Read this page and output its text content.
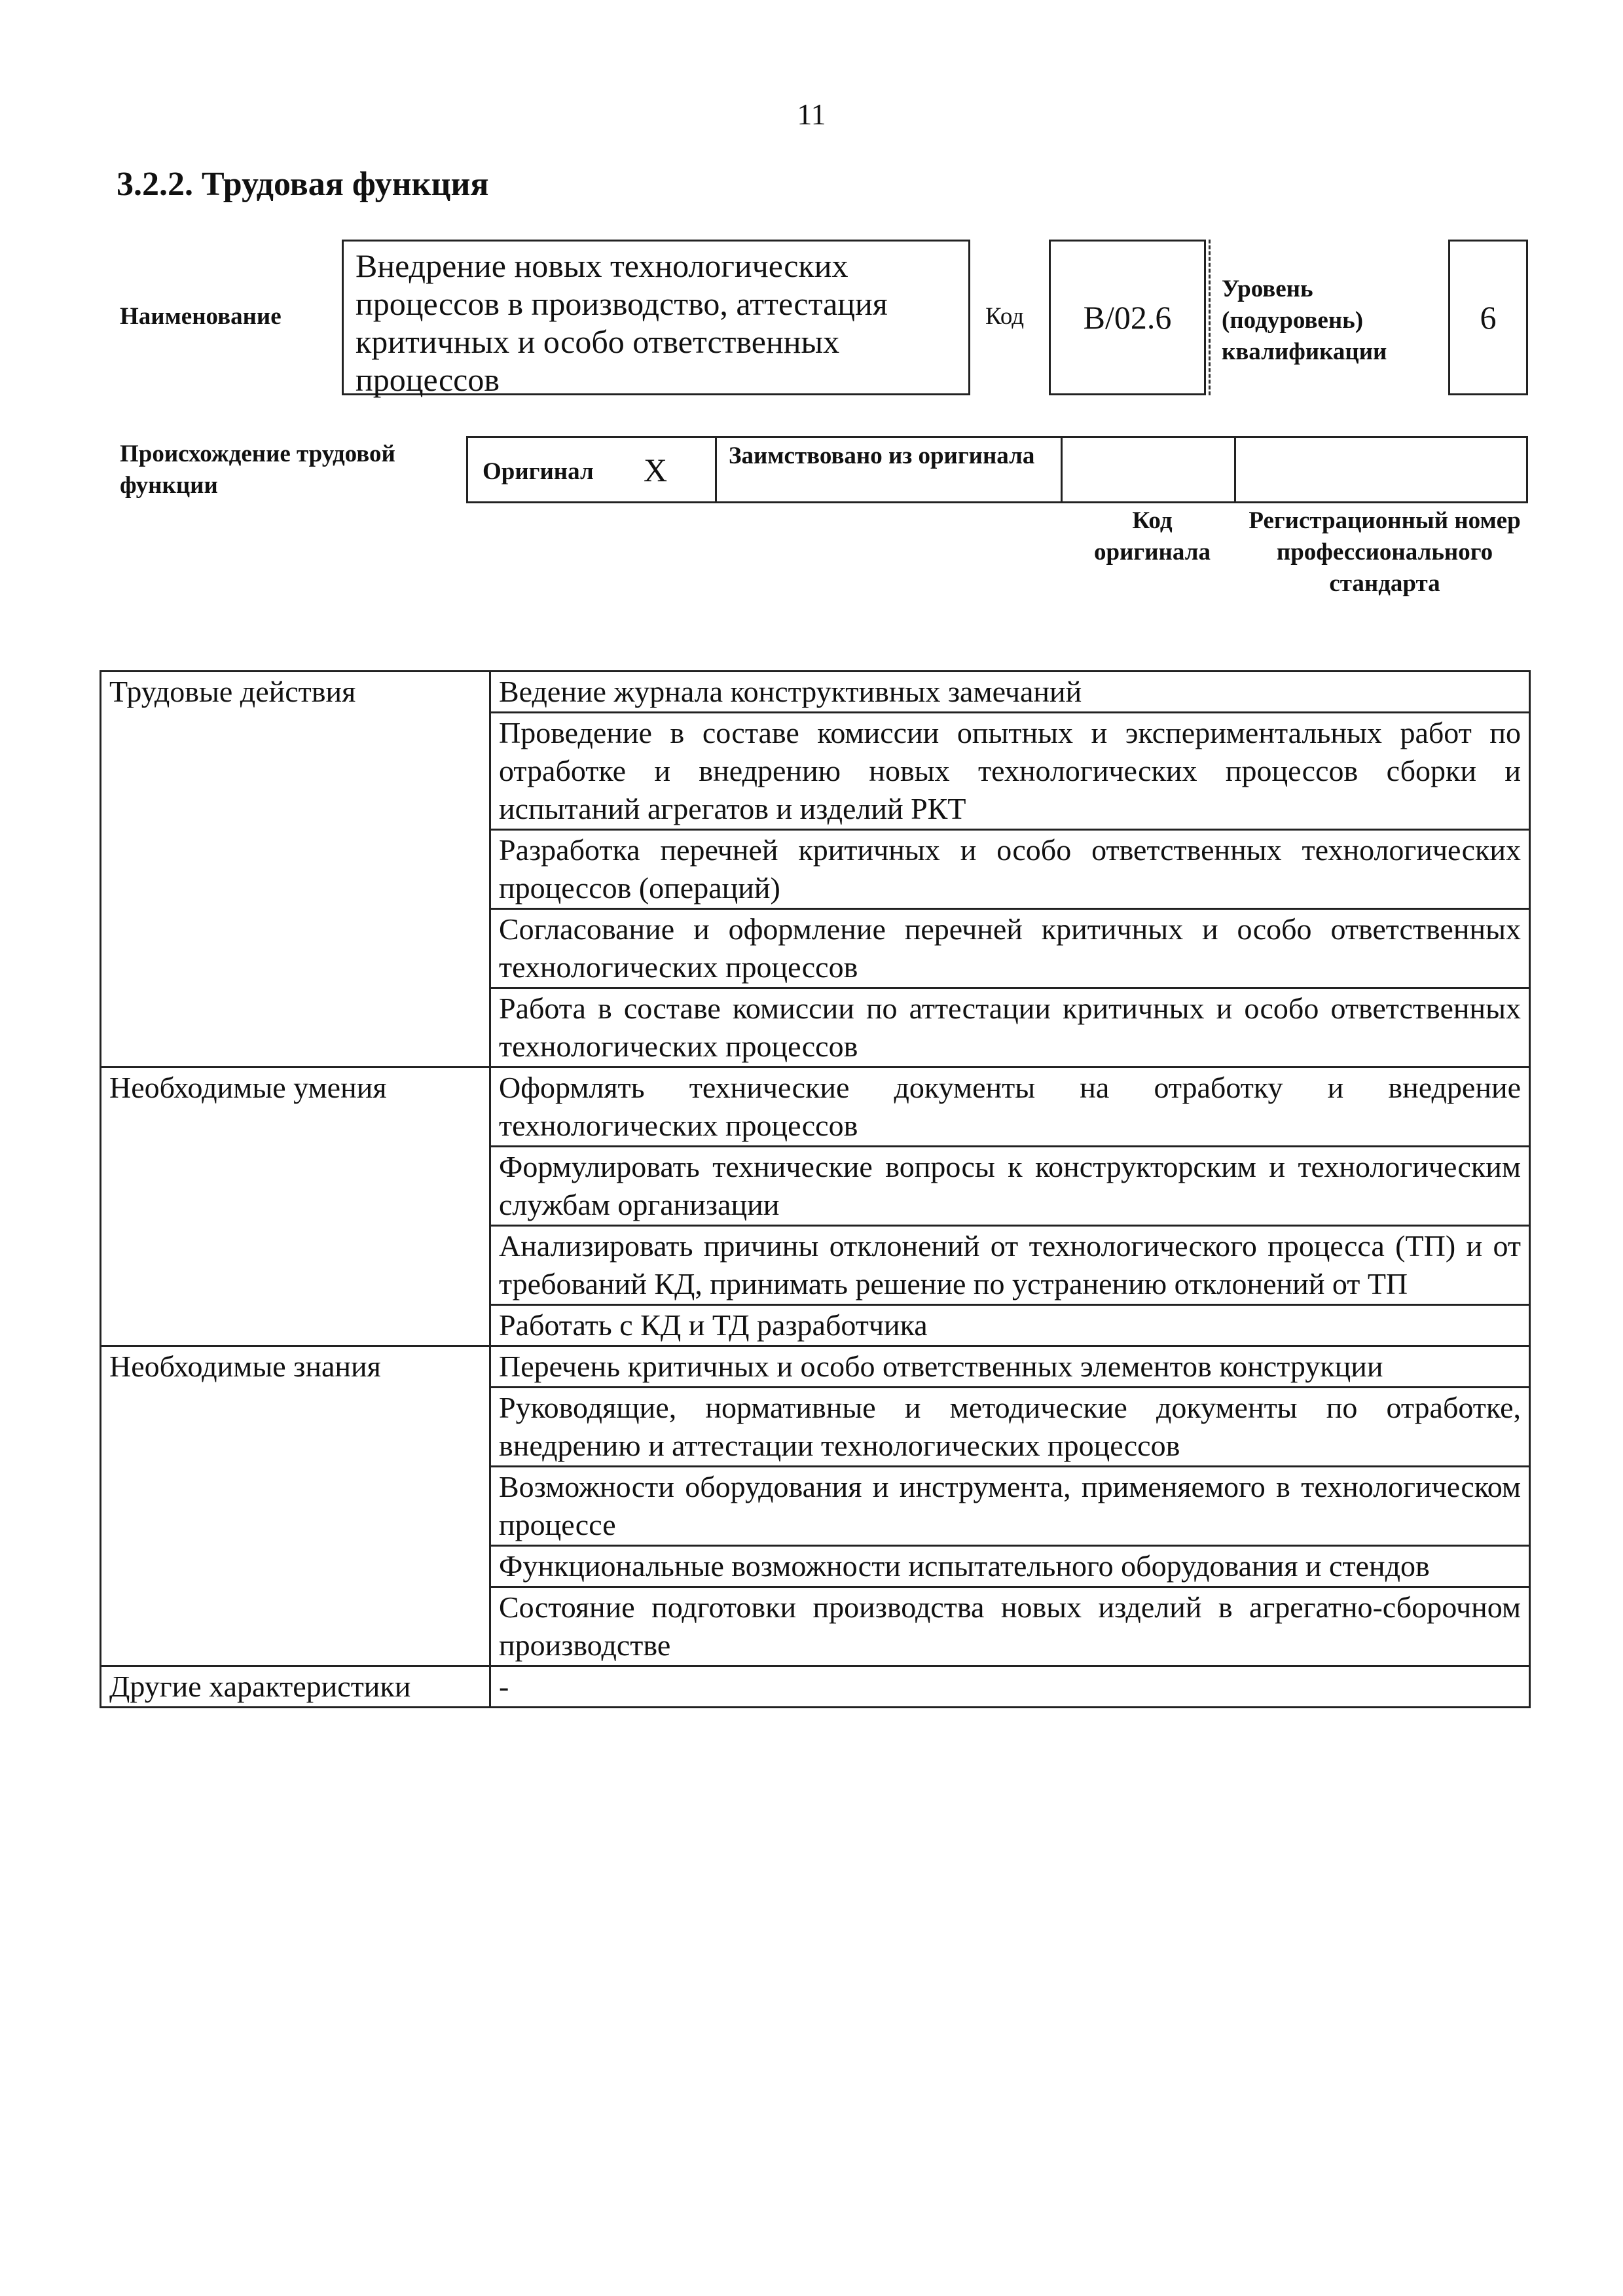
11
3.2.2. Трудовая функция
Наименование
Внедрение новых технологических процессов в производство, аттестация критичных и особо ответственных процессов
Код B/02.6
Уровень (подуровень) квалификации
6
Происхождение трудовой функции
Оригинал X	Заимствовано из оригинала
Код оригинала
Регистрационный номер профессионального стандарта
Трудовые действия	Ведение журнала конструктивных замечаний
	Проведение в составе комиссии опытных и экспериментальных работ по отработке и внедрению новых технологических процессов сборки и испытаний агрегатов и изделий РКТ
	Разработка перечней критичных и особо ответственных технологических процессов (операций)
	Согласование и оформление перечней критичных и особо ответственных технологических процессов
	Работа в составе комиссии по аттестации критичных и особо ответственных технологических процессов
Необходимые умения	Оформлять технические документы на отработку и внедрение технологических процессов
	Формулировать технические вопросы к конструкторским и технологическим службам организации
	Анализировать причины отклонений от технологического процесса (ТП) и от требований КД, принимать решение по устранению отклонений от ТП
	Работать с КД и ТД разработчика
Необходимые знания	Перечень критичных и особо ответственных элементов конструкции
	Руководящие, нормативные и методические документы по отработке, внедрению и аттестации технологических процессов
	Возможности оборудования и инструмента, применяемого в технологическом процессе
	Функциональные возможности испытательного оборудования и стендов
	Состояние подготовки производства новых изделий в агрегатно-сборочном производстве
Другие характеристики	-
